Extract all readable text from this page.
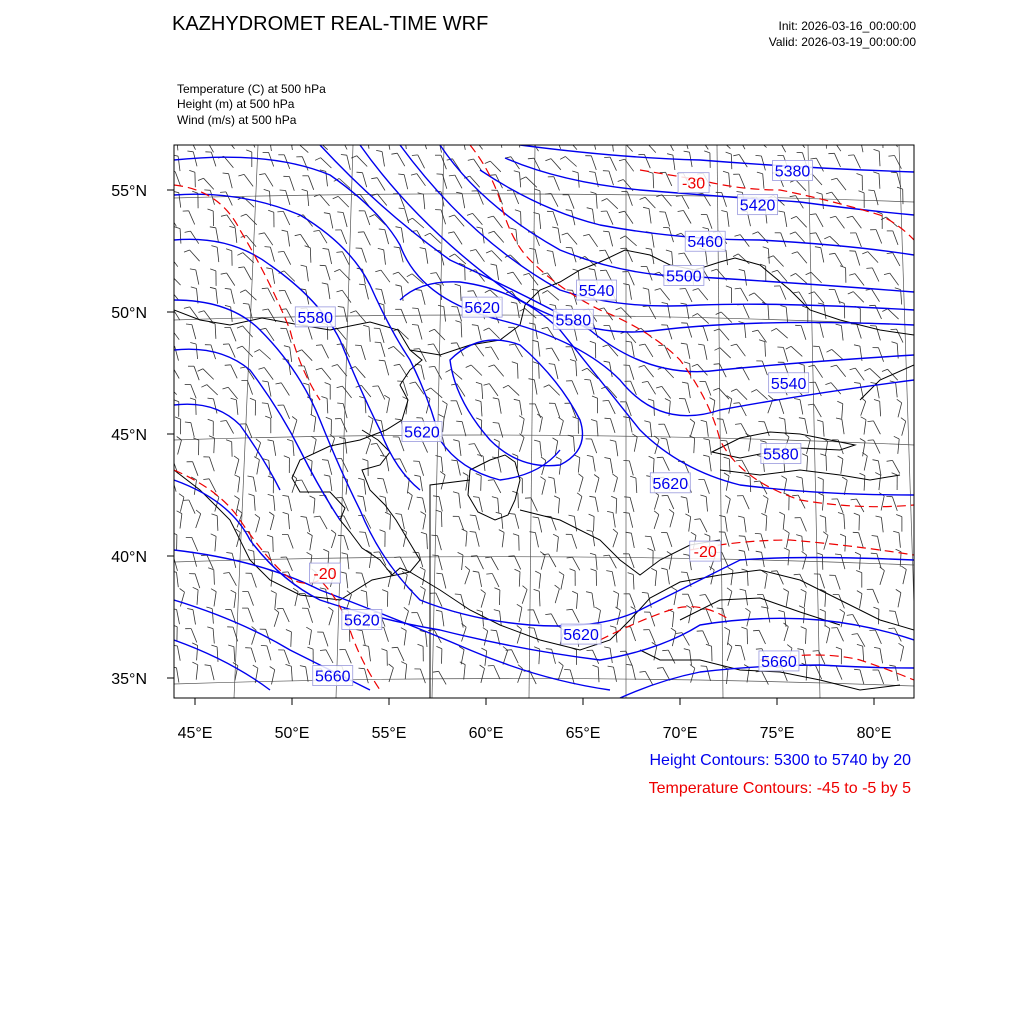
KAZHYDROMET REAL-TIME WRF	Init: 2026-03-16_00:00:00
Valid: 2026-03-19_00:00:00
Temperature (C) at 500 hPa
Height (m) at 500 hPa
Wind (m/s) at 500 hPa
5380
5420
5460
5500
5540
5580
5620
5580
5620
5540
5580
5620
5620
5620
5660
5660
-30
-20
-20
45°E	50°E	55°E	60°E	65°E	70°E	75°E	80°E
55°N
50°N
45°N
40°N
35°N
Height Contours: 5300 to 5740 by 20
Temperature Contours: -45 to -5 by 5
